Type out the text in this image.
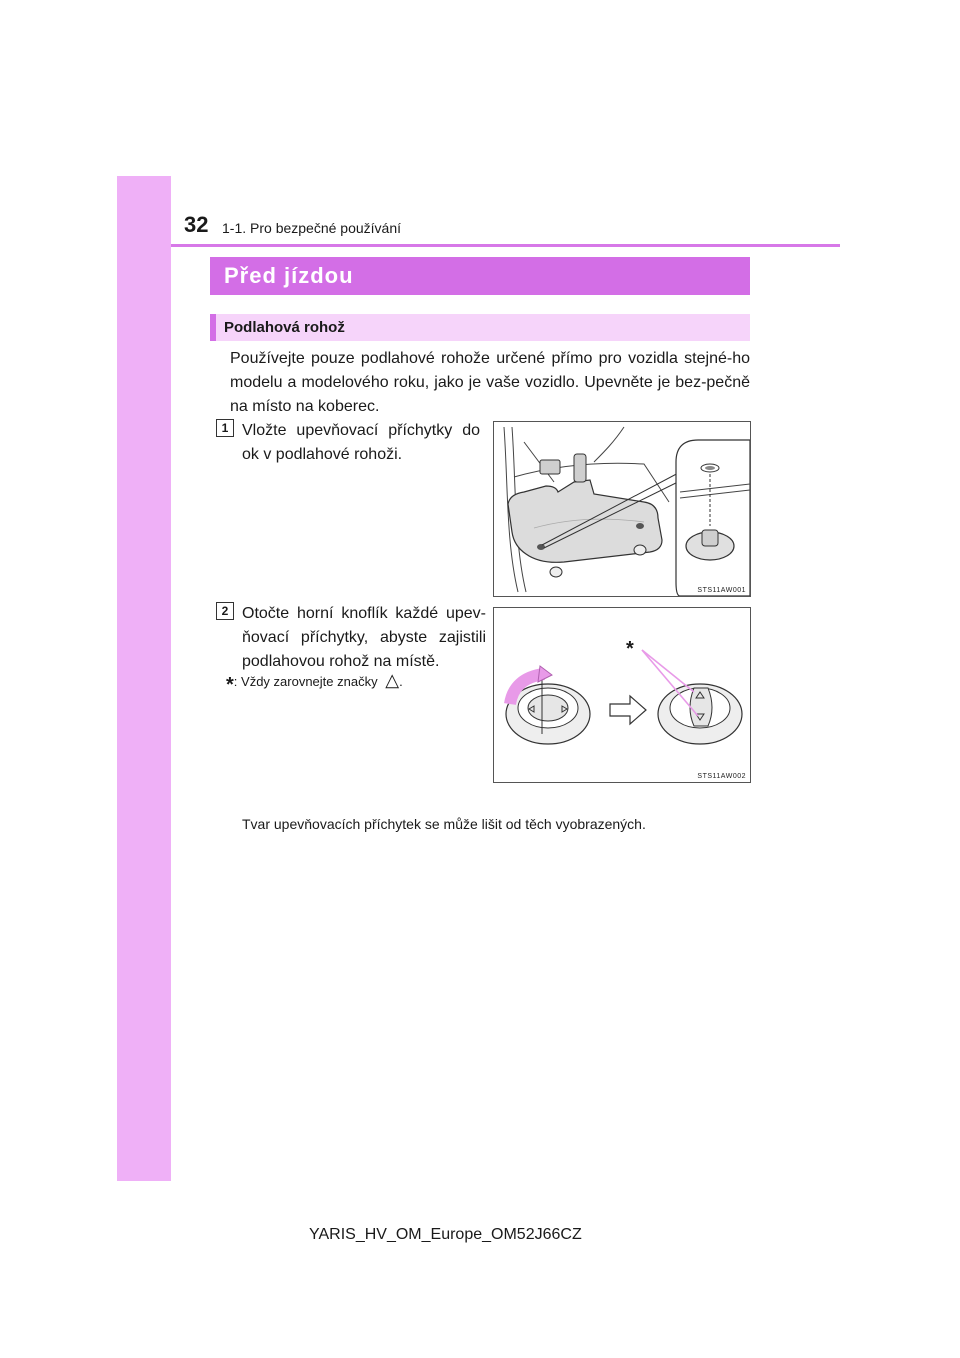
32 1-1. Pro bezpečné používání
Před jízdou
Podlahová rohož
Používejte pouze podlahové rohože určené přímo pro vozidla stejné-ho modelu a modelového roku, jako je vaše vozidlo. Upevněte je bez-pečně na místo na koberec.
1 Vložte upevňovací příchytky do ok v podlahové rohoži.
STS11AW001
2 Otočte horní knoflík každé upev-ňovací příchytky, abyste zajistili podlahovou rohož na místě.
*: Vždy zarovnejte značky △.
*
STS11AW002
Tvar upevňovacích příchytek se může lišit od těch vyobrazených.
YARIS_HV_OM_Europe_OM52J66CZ
